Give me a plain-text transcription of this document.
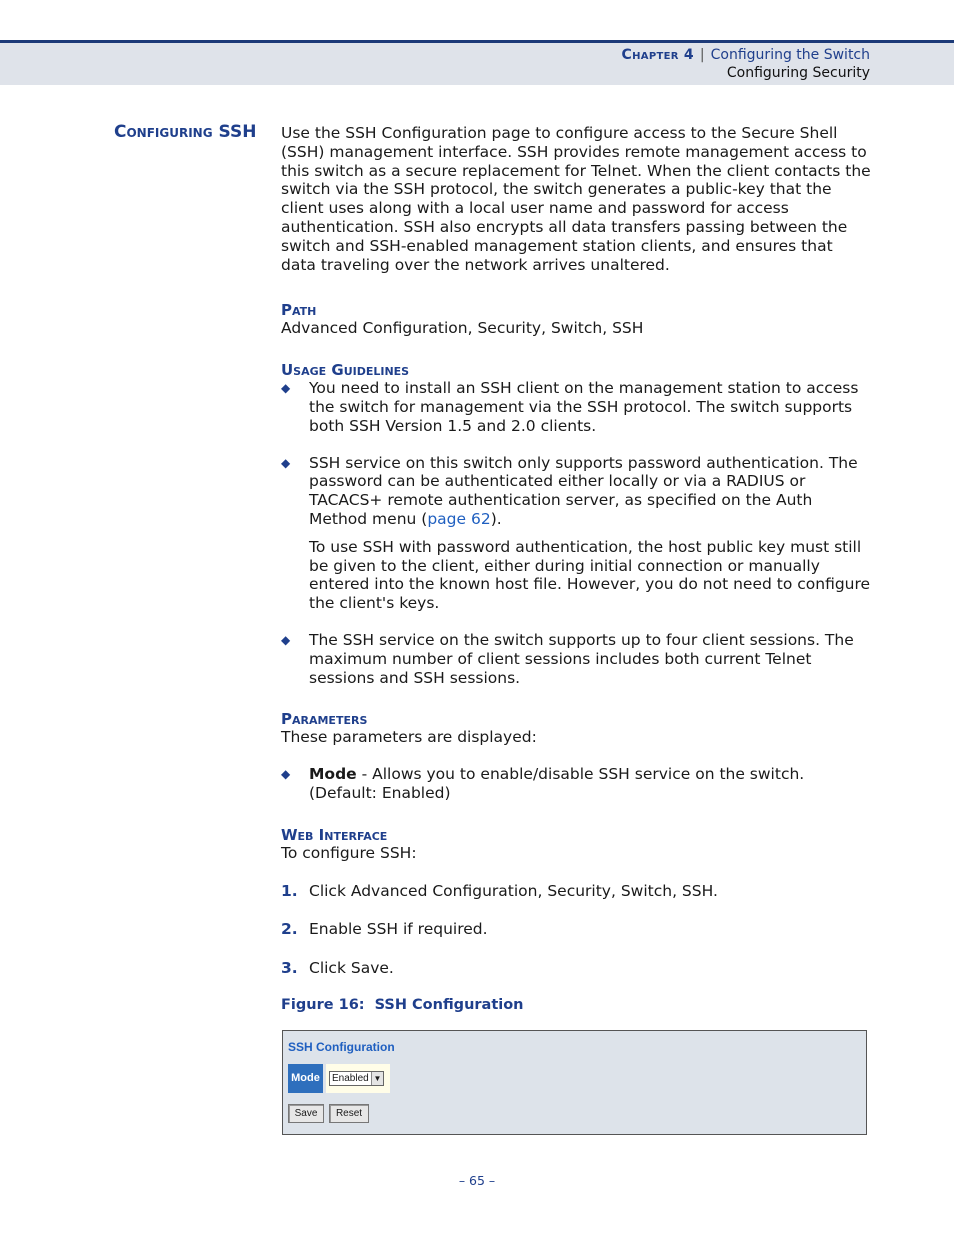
Chapter 4 | Configuring the Switch
Configuring Security
Configuring SSH Use the SSH Configuration page to configure access to the Secure Shell (SSH) management interface. SSH provides remote management access to this switch as a secure replacement for Telnet. When the client contacts the switch via the SSH protocol, the switch generates a public-key that the client uses along with a local user name and password for access authentication. SSH also encrypts all data transfers passing between the switch and SSH-enabled management station clients, and ensures that data traveling over the network arrives unaltered.

Path

Advanced Configuration, Security, Switch, SSH

Usage Guidelines

◆ You need to install an SSH client on the management station to access the switch for management via the SSH protocol. The switch supports both SSH Version 1.5 and 2.0 clients.

◆ SSH service on this switch only supports password authentication. The password can be authenticated either locally or via a RADIUS or TACACS+ remote authentication server, as specified on the Auth Method menu (page 62).

To use SSH with password authentication, the host public key must still be given to the client, either during initial connection or manually entered into the known host file. However, you do not need to configure the client's keys.

◆ The SSH service on the switch supports up to four client sessions. The maximum number of client sessions includes both current Telnet sessions and SSH sessions.

Parameters

These parameters are displayed:

◆ Mode - Allows you to enable/disable SSH service on the switch. (Default: Enabled)

Web Interface

To configure SSH:

1. Click Advanced Configuration, Security, Switch, SSH.

2. Enable SSH if required.

3. Click Save.

Figure 16: SSH Configuration

SSH Configuration
Mode	Enabled ▼
Save	Reset
– 65 –
